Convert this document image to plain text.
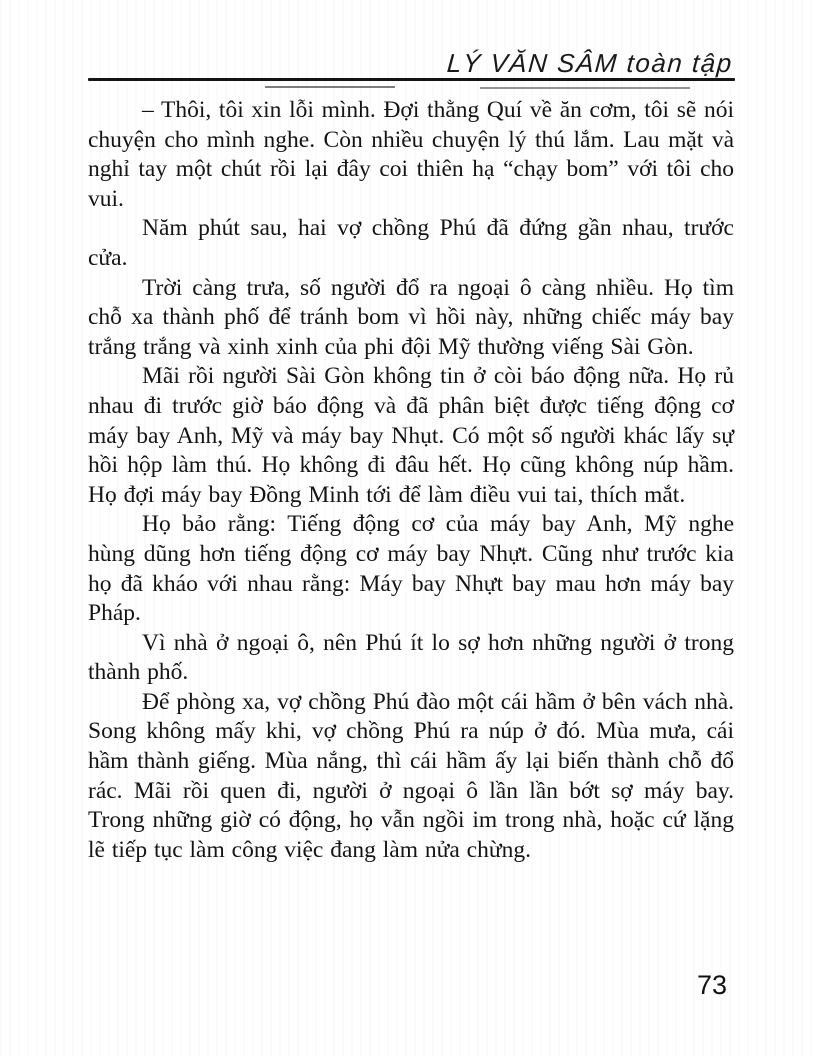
LÝ VĂN SÂM toàn tập

– Thôi, tôi xin lỗi mình. Đợi thằng Quí về ăn cơm, tôi sẽ nói chuyện cho mình nghe. Còn nhiều chuyện lý thú lắm. Lau mặt và nghỉ tay một chút rồi lại đây coi thiên hạ “chạy bom” với tôi cho vui.

Năm phút sau, hai vợ chồng Phú đã đứng gần nhau, trước cửa.

Trời càng trưa, số người đổ ra ngoại ô càng nhiều. Họ tìm chỗ xa thành phố để tránh bom vì hồi này, những chiếc máy bay trắng trắng và xinh xinh của phi đội Mỹ thường viếng Sài Gòn.

Mãi rồi người Sài Gòn không tin ở còi báo động nữa. Họ rủ nhau đi trước giờ báo động và đã phân biệt được tiếng động cơ máy bay Anh, Mỹ và máy bay Nhụt. Có một số người khác lấy sự hồi hộp làm thú. Họ không đi đâu hết. Họ cũng không núp hầm. Họ đợi máy bay Đồng Minh tới để làm điều vui tai, thích mắt.

Họ bảo rằng: Tiếng động cơ của máy bay Anh, Mỹ nghe hùng dũng hơn tiếng động cơ máy bay Nhựt. Cũng như trước kia họ đã kháo với nhau rằng: Máy bay Nhựt bay mau hơn máy bay Pháp.

Vì nhà ở ngoại ô, nên Phú ít lo sợ hơn những người ở trong thành phố.

Để phòng xa, vợ chồng Phú đào một cái hầm ở bên vách nhà. Song không mấy khi, vợ chồng Phú ra núp ở đó. Mùa mưa, cái hầm thành giếng. Mùa nắng, thì cái hầm ấy lại biến thành chỗ đổ rác. Mãi rồi quen đi, người ở ngoại ô lần lần bớt sợ máy bay. Trong những giờ có động, họ vẫn ngồi im trong nhà, hoặc cứ lặng lẽ tiếp tục làm công việc đang làm nửa chừng.

73
